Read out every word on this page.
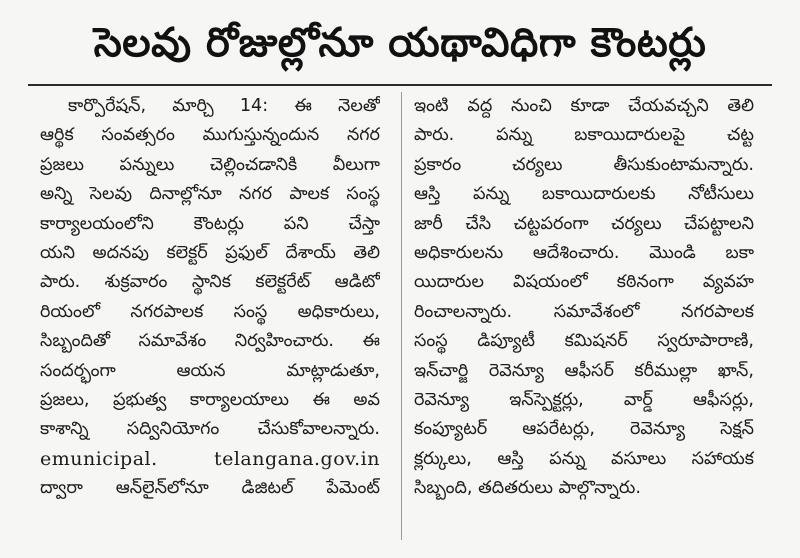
సెలవు రోజుల్లోనూ యథావిధిగా కౌంటర్లు
కార్పొరేషన్, మార్చి 14: ఈ నెలతో
ఆర్థిక సంవత్సరం ముగుస్తున్నందున నగర
ప్రజలు పన్నులు చెల్లించడానికి వీలుగా
అన్ని సెలవు దినాల్లోనూ నగర పాలక సంస్థ
కార్యాలయంలోని కౌంటర్లు పని చేస్తా
యని అదనపు కలెక్టర్ ప్రఫుల్ దేశాయ్ తెలి
పారు. శుక్రవారం స్థానిక కలెక్టరేట్ ఆడిటో
రియంలో నగరపాలక సంస్థ అధికారులు,
సిబ్బందితో సమావేశం నిర్వహించారు. ఈ
సందర్భంగా ఆయన మాట్లాడుతూ,
ప్రజలు, ప్రభుత్వ కార్యాలయాలు ఈ అవ
కాశాన్ని సద్వినియోగం చేసుకోవాలన్నారు.
emunicipal. telangana.gov.in
ద్వారా ఆన్‌లైన్‌లోనూ డిజిటల్ పేమెంట్
ఇంటి వద్ద నుంచి కూడా చేయవచ్చని తెలి
పారు. పన్ను బకాయిదారులపై చట్ట
ప్రకారం చర్యలు తీసుకుంటామన్నారు.
ఆస్తి పన్ను బకాయిదారులకు నోటీసులు
జారీ చేసి చట్టపరంగా చర్యలు చేపట్టాలని
అధికారులను ఆదేశించారు. మొండి బకా
యిదారుల విషయంలో కఠినంగా వ్యవహ
రించాలన్నారు. సమావేశంలో నగరపాలక
సంస్థ డిప్యూటీ కమిషనర్ స్వరూపారాణి,
ఇన్‌చార్జి రెవెన్యూ ఆఫీసర్ కరీముల్లా ఖాన్,
రెవెన్యూ ఇన్‌స్పెక్టర్లు, వార్డ్ ఆఫీసర్లు,
కంప్యూటర్ ఆపరేటర్లు, రెవెన్యూ సెక్షన్
క్లర్కులు, ఆస్తి పన్ను వసూలు సహాయక
సిబ్బంది, తదితరులు పాల్గొన్నారు.
